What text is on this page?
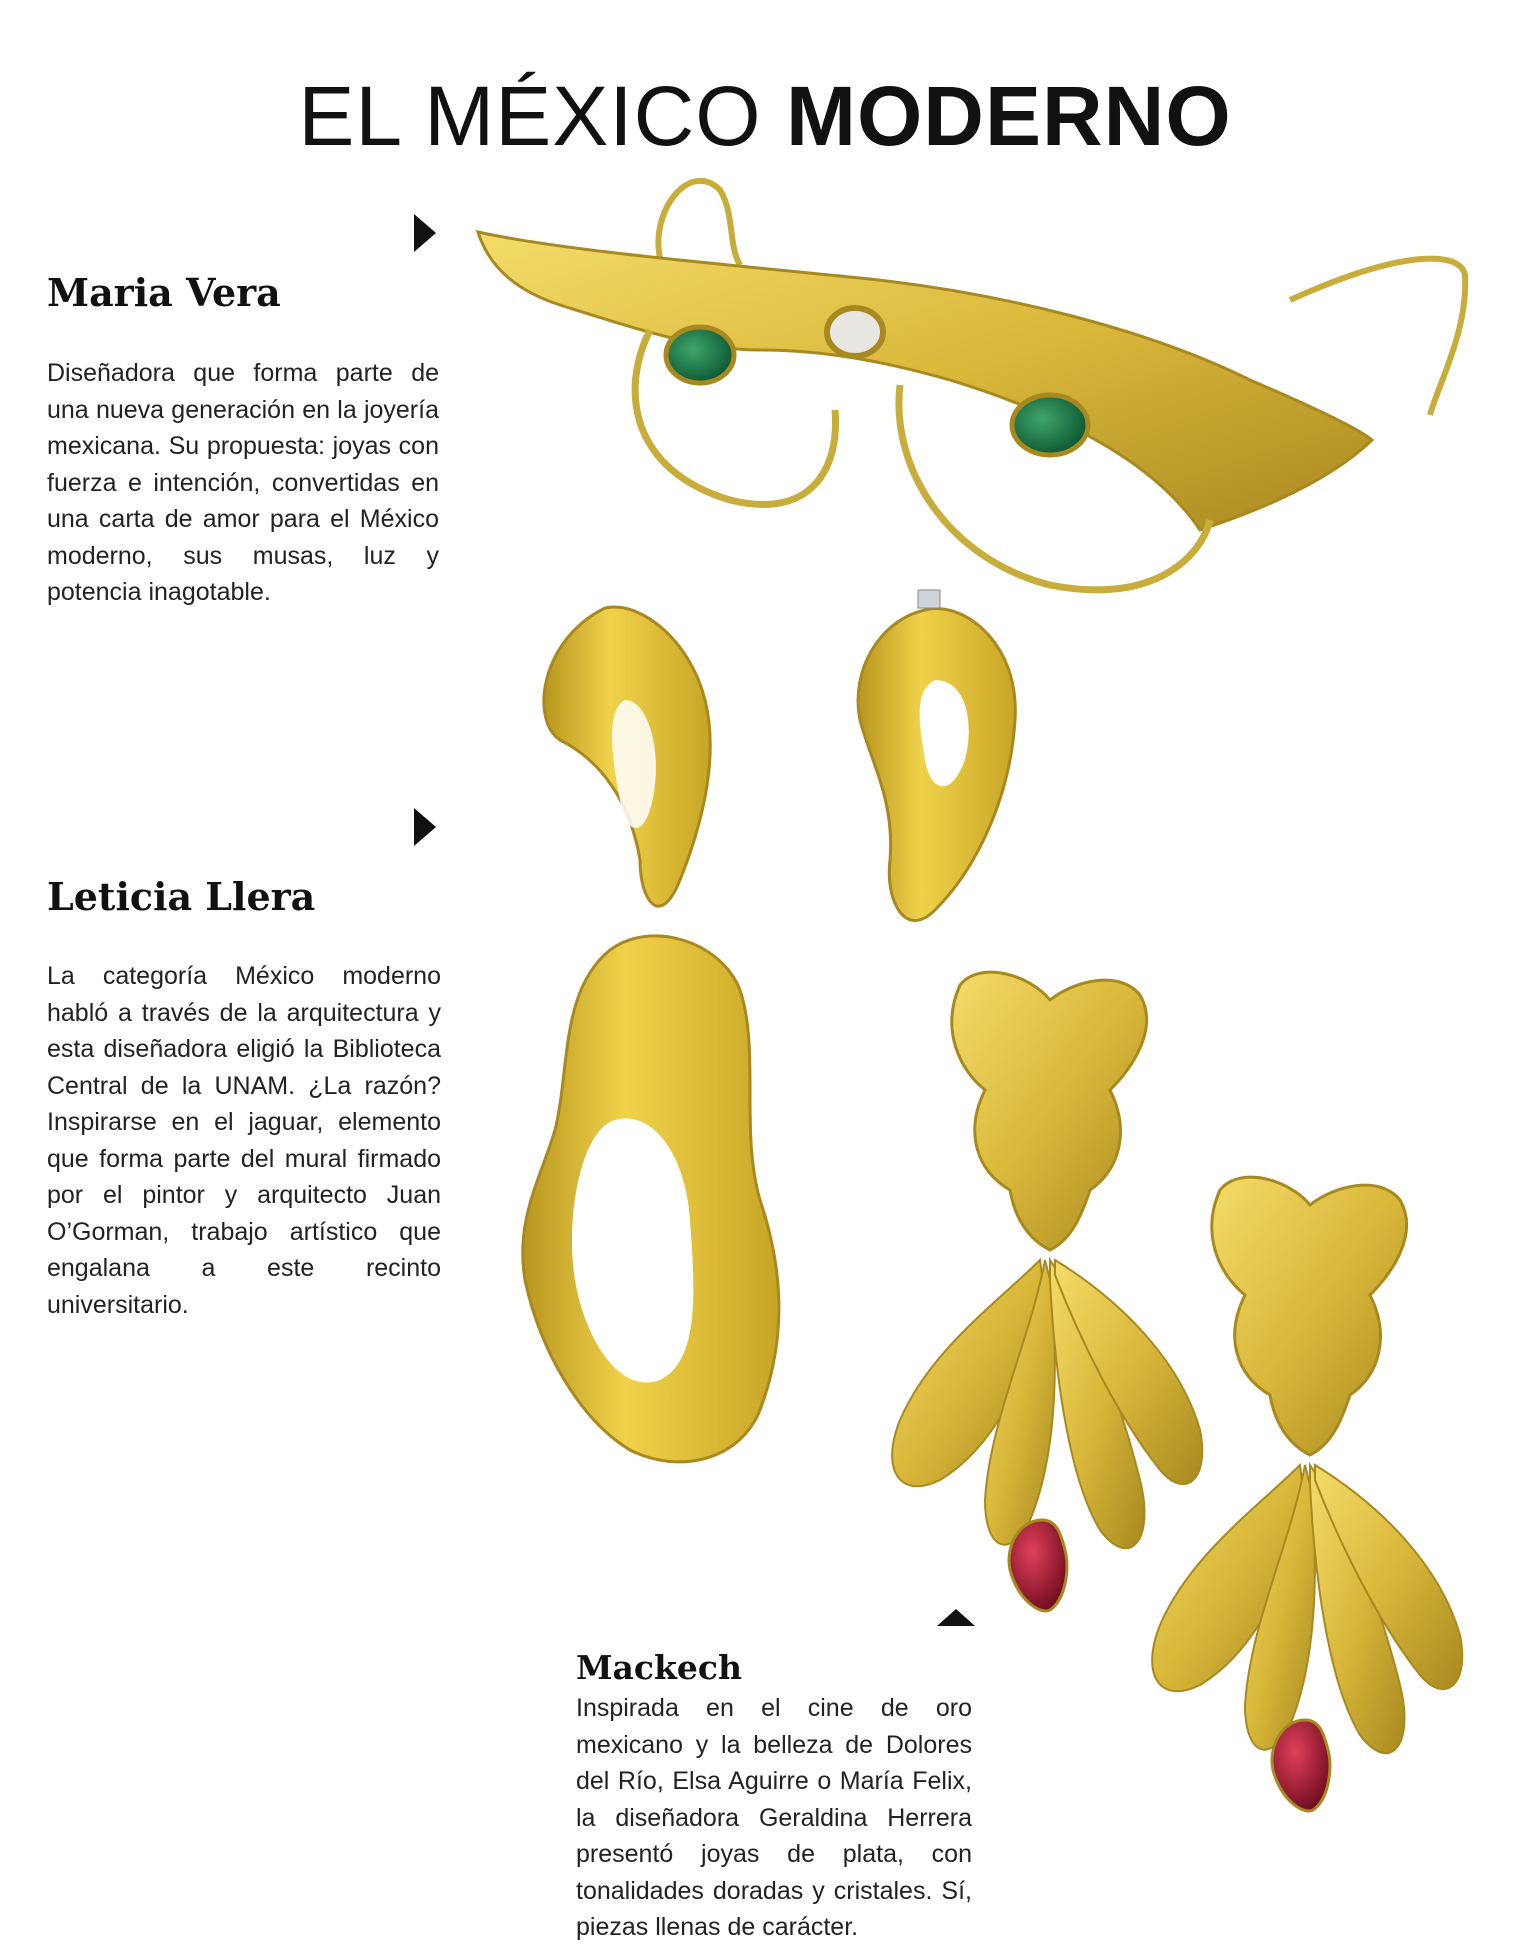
EL MÉXICO MODERNO
Maria Vera

Diseñadora que forma parte de una nueva generación en la joyería mexicana. Su propuesta: joyas con fuerza e intención, convertidas en una carta de amor para el México moderno, sus musas, luz y potencia inagotable.

Leticia Llera

La categoría México moderno habló a través de la arquitectura y esta diseñadora eligió la Biblioteca Central de la UNAM. ¿La razón? Inspirarse en el jaguar, elemento que forma parte del mural firmado por el pintor y arquitecto Juan O’Gorman, trabajo artístico que engalana a este recinto universitario.

Mackech

Inspirada en el cine de oro mexicano y la belleza de Dolores del Río, Elsa Aguirre o María Felix, la diseñadora Geraldina Herrera presentó joyas de plata, con tonalidades doradas y cristales. Sí, piezas llenas de carácter.
